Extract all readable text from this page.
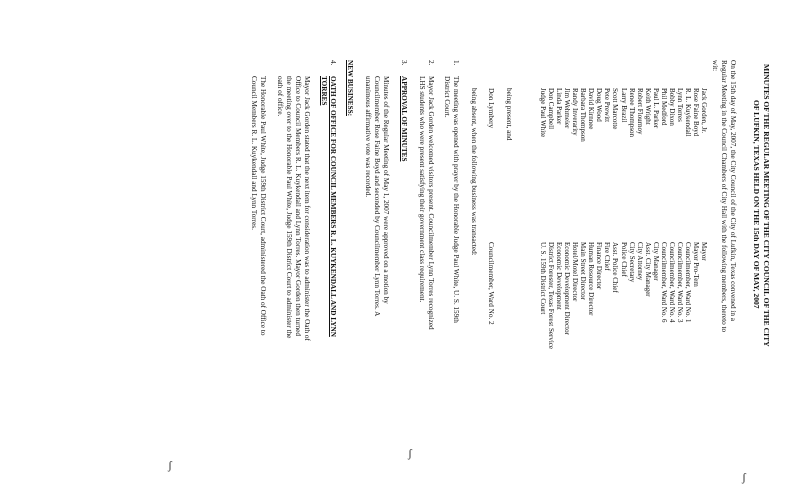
MINUTES OF THE REGULAR MEETING OF THE CITY COUNCIL OF THE CITY
OF LUFKIN, TEXAS HELD ON THE 15th DAY OF MAY, 2007
On the 15th day of May, 2007, the City Council of the City of Lufkin, Texas convened in a
Regular Meeting in the Council Chambers of City Hall with the following members, thereto to
wit:
Jack Gorden, Jr.
Rose Faine Boyd
R. L. Kuykendall
Lynn Torres
Bobby Dixon
Phil Medford
Paul L. Parker
Keith Wright
Robert Flournoy
Renee Thompson
Larry Brazil
Scott Marcotte
Pete Prewitt
Doug Wood
David Kirnnee
Barbara Thompson
Randy Inverarity
Jim Wehmeier
Linda Parker
Don Campbell
Judge Paul White
Mayor
Mayor Pro-Tem
Councilmember, Ward No. 1
Councilmember, Ward No. 3
Councilmember, Ward No. 4
Councilmember, Ward No. 6
City Manager
Asst. City Manager
City Attorney
City Secretary
Police Chief
Asst. Police Chief
Fire Chief
Finance Director
Human Resource Director
Main Street Director
Hotel/Motel Director
Economic Development Director
Economic Development
District Forester, Texas Forest Service
U. S. 159th District Court
being present, and
Don Lymbery
Councilmember, Ward No. 2
being absent, when the following business was transacted:
1.
The meeting was opened with prayer by the Honorable Judge Paul White, U. S. 159th
District Court.
2.
Mayor Jack Gorden welcomed visitors present. Councilmember Lynn Torres recognized
LHS students who were present satisfying their government class requirement.
3.
APPROVAL OF MINUTES
Minutes of the Regular Meeting of May 1, 2007 were approved on a motion by
Councilmember Rose Faine Boyd and seconded by Councilmember Lynn Torres. A
unanimous affirmative vote was recorded.
NEW BUSINESS:
4.
OATH OF OFFICE FOR COUNCIL MEMBERS R. L. KUYKENDALL AND LYNN
TORRES
Mayor Jack Gorden stated that the next item for consideration was to administer the Oath of
Office to Council Members R. L. Kuykendall and Lynn Torres. Mayor Gorden then turned
the meeting over to the Honorable Paul White, Judge 159th District Court to administer the
oath of office.
The Honorable Paul White, Judge 159th District Court, administered the Oath of Office to
Council Members R. L. Kuykendall and Lynn Torres.
ʃ
ʃ
ʃ
